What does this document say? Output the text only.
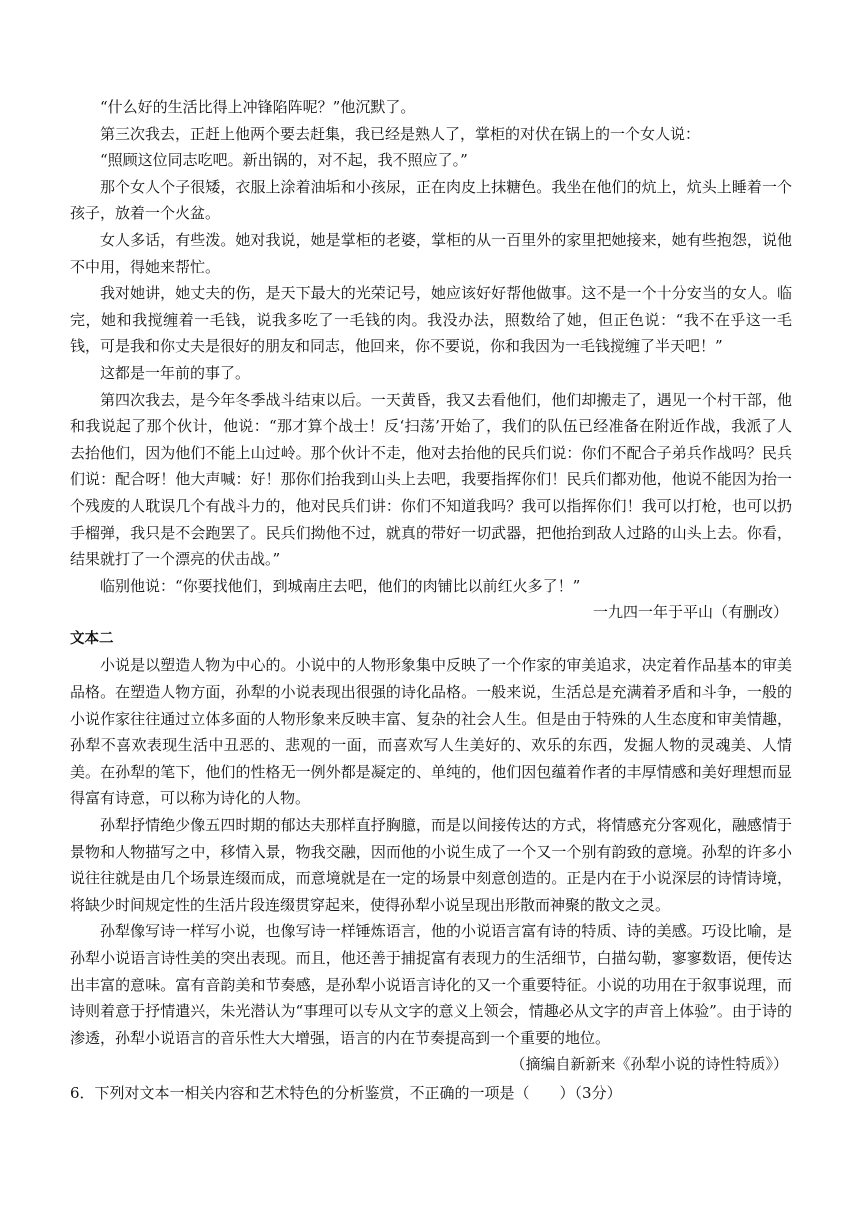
“什么好的生活比得上冲锋陷阵呢？”他沉默了。

第三次我去，正赶上他两个要去赶集，我已经是熟人了，掌柜的对伏在锅上的一个女人说：

“照顾这位同志吃吧。新出锅的，对不起，我不照应了。”

那个女人个子很矮，衣服上涂着油垢和小孩尿，正在肉皮上抹糖色。我坐在他们的炕上，炕头上睡着一个孩子，放着一个火盆。

女人多话，有些泼。她对我说，她是掌柜的老婆，掌柜的从一百里外的家里把她接来，她有些抱怨，说他不中用，得她来帮忙。

我对她讲，她丈夫的伤，是天下最大的光荣记号，她应该好好帮他做事。这不是一个十分安当的女人。临完，她和我搅缠着一毛钱，说我多吃了一毛钱的肉。我没办法，照数给了她，但正色说：“我不在乎这一毛钱，可是我和你丈夫是很好的朋友和同志，他回来，你不要说，你和我因为一毛钱搅缠了半天吧！”

这都是一年前的事了。

第四次我去，是今年冬季战斗结束以后。一天黄昏，我又去看他们，他们却搬走了，遇见一个村干部，他和我说起了那个伙计，他说：“那才算个战士！反‘扫荡’开始了，我们的队伍已经准备在附近作战，我派了人去抬他们，因为他们不能上山过岭。那个伙计不走，他对去抬他的民兵们说：你们不配合子弟兵作战吗？民兵们说：配合呀！他大声喊：好！那你们抬我到山头上去吧，我要指挥你们！民兵们都劝他，他说不能因为抬一个残废的人耽误几个有战斗力的，他对民兵们讲：你们不知道我吗？我可以指挥你们！我可以打枪，也可以扔手榴弹，我只是不会跑罢了。民兵们拗他不过，就真的带好一切武器，把他抬到敌人过路的山头上去。你看，结果就打了一个漂亮的伏击战。”

临别他说：“你要找他们，到城南庄去吧，他们的肉铺比以前红火多了！”

一九四一年于平山（有删改）

文本二

小说是以塑造人物为中心的。小说中的人物形象集中反映了一个作家的审美追求，决定着作品基本的审美品格。在塑造人物方面，孙犁的小说表现出很强的诗化品格。一般来说，生活总是充满着矛盾和斗争，一般的小说作家往往通过立体多面的人物形象来反映丰富、复杂的社会人生。但是由于特殊的人生态度和审美情趣，孙犁不喜欢表现生活中丑恶的、悲观的一面，而喜欢写人生美好的、欢乐的东西，发掘人物的灵魂美、人情美。在孙犁的笔下，他们的性格无一例外都是凝定的、单纯的，他们因包蕴着作者的丰厚情感和美好理想而显得富有诗意，可以称为诗化的人物。

孙犁抒情绝少像五四时期的郁达夫那样直抒胸臆，而是以间接传达的方式，将情感充分客观化，融感情于景物和人物描写之中，移情入景，物我交融，因而他的小说生成了一个又一个别有韵致的意境。孙犁的许多小说往往就是由几个场景连缀而成，而意境就是在一定的场景中刻意创造的。正是内在于小说深层的诗情诗境，将缺少时间规定性的生活片段连缀贯穿起来，使得孙犁小说呈现出形散而神聚的散文之灵。

孙犁像写诗一样写小说，也像写诗一样锤炼语言，他的小说语言富有诗的特质、诗的美感。巧设比喻，是孙犁小说语言诗性美的突出表现。而且，他还善于捕捉富有表现力的生活细节，白描勾勒，寥寥数语，便传达出丰富的意味。富有音韵美和节奏感，是孙犁小说语言诗化的又一个重要特征。小说的功用在于叙事说理，而诗则着意于抒情遣兴，朱光潜认为“事理可以专从文字的意义上领会，情趣必从文字的声音上体验”。由于诗的渗透，孙犁小说语言的音乐性大大增强，语言的内在节奏提高到一个重要的地位。

（摘编自新新来《孙犁小说的诗性特质》）

6．下列对文本一相关内容和艺术特色的分析鉴赏，不正确的一项是（　　）（3分）
